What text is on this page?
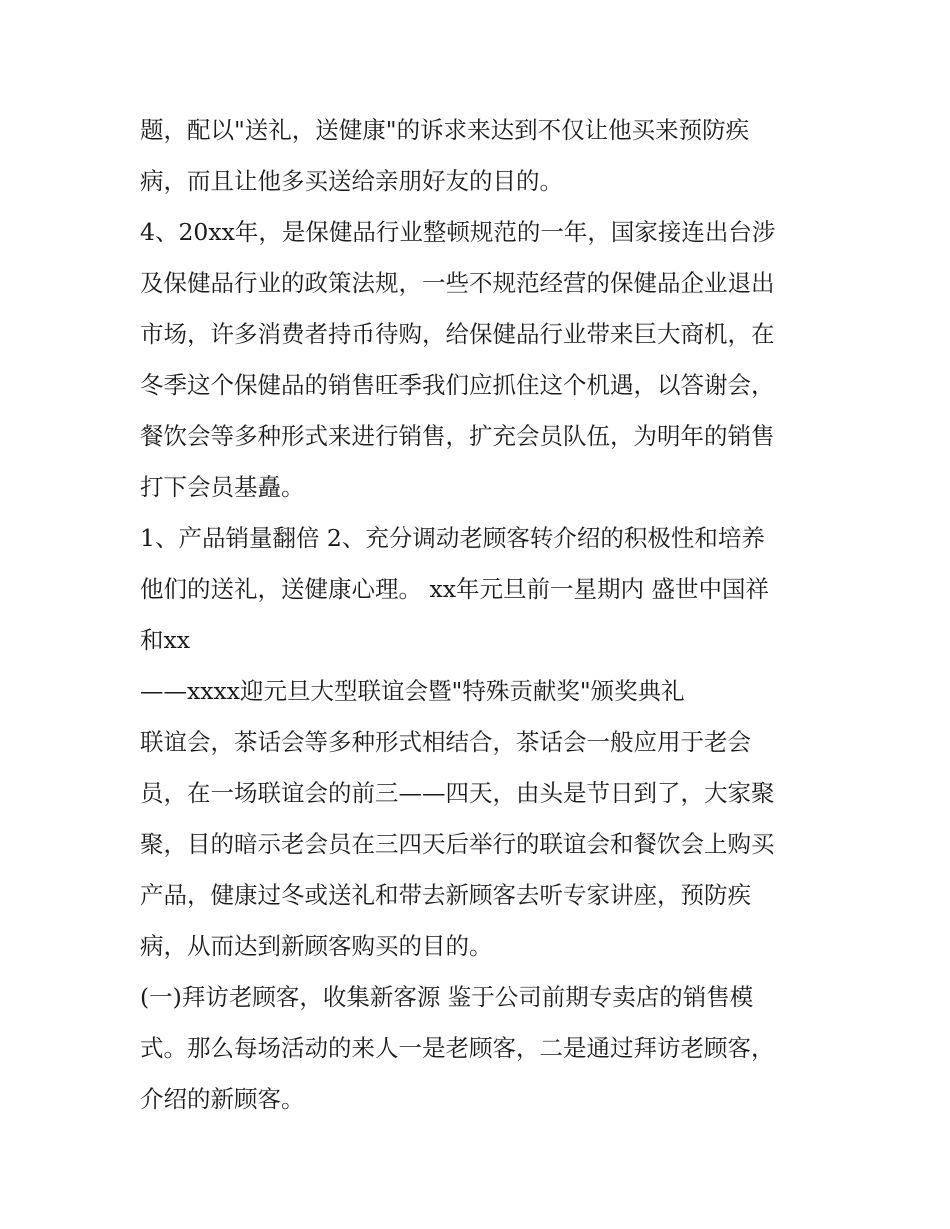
题，配以"送礼，送健康"的诉求来达到不仅让他买来预防疾
病，而且让他多买送给亲朋好友的目的。
4、20xx年，是保健品行业整顿规范的一年，国家接连出台涉
及保健品行业的政策法规，一些不规范经营的保健品企业退出
市场，许多消费者持币待购，给保健品行业带来巨大商机，在
冬季这个保健品的销售旺季我们应抓住这个机遇，以答谢会，
餐饮会等多种形式来进行销售，扩充会员队伍，为明年的销售
打下会员基矗。
1、产品销量翻倍 2、充分调动老顾客转介绍的积极性和培养
他们的送礼，送健康心理。 xx年元旦前一星期内 盛世中国祥
和xx
——xxxx迎元旦大型联谊会暨"特殊贡献奖"颁奖典礼
联谊会，茶话会等多种形式相结合，茶话会一般应用于老会
员，在一场联谊会的前三——四天，由头是节日到了，大家聚
聚，目的暗示老会员在三四天后举行的联谊会和餐饮会上购买
产品，健康过冬或送礼和带去新顾客去听专家讲座，预防疾
病，从而达到新顾客购买的目的。
(一)拜访老顾客，收集新客源 鉴于公司前期专卖店的销售模
式。那么每场活动的来人一是老顾客，二是通过拜访老顾客，
介绍的新顾客。
